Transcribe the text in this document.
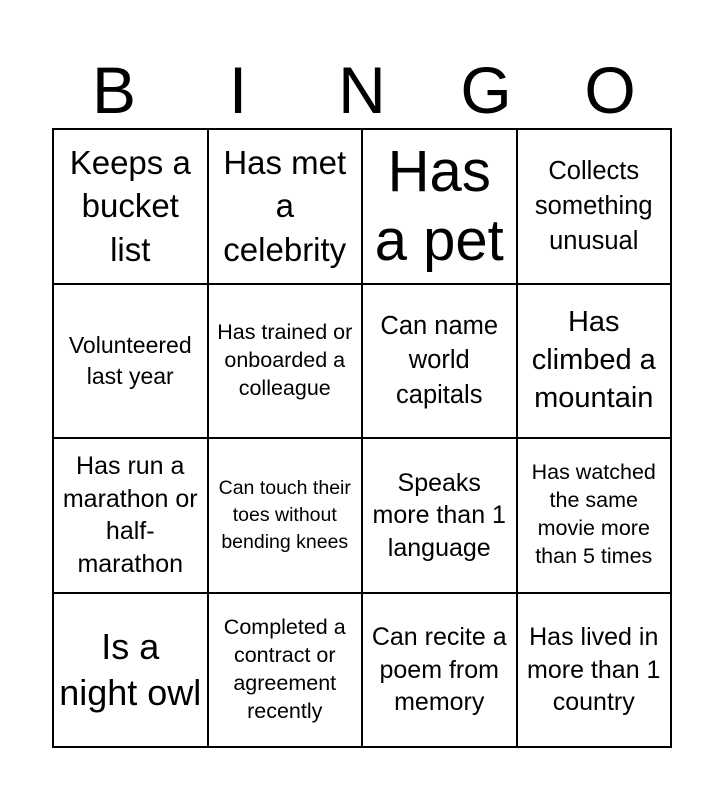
B	I	N	G	O
Keeps a bucket list
Has met a celebrity
Has a pet
Collects something unusual
Volunteered last year
Has trained or onboarded a colleague
Can name world capitals
Has climbed a mountain
Has run a marathon or half-marathon
Can touch their toes without bending knees
Speaks more than 1 language
Has watched the same movie more than 5 times
Is a night owl
Completed a contract or agreement recently
Can recite a poem from memory
Has lived in more than 1 country
